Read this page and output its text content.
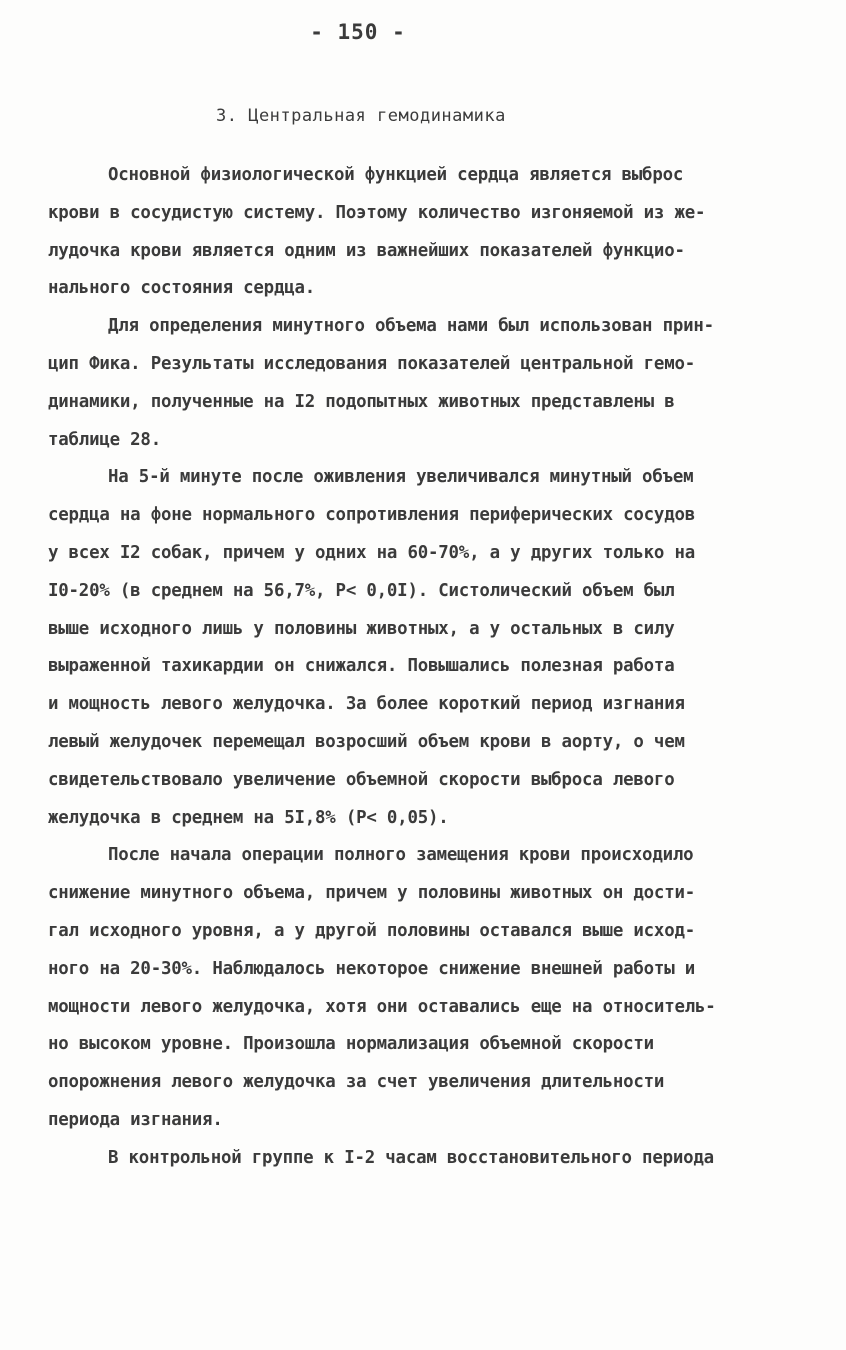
- 150 -
3. Центральная гемодинамика
Основной физиологической функцией сердца является выброс
крови в сосудистую систему. Поэтому количество изгоняемой из же-
лудочка крови является одним из важнейших показателей функцио-
нального состояния сердца.
Для определения минутного объема нами был использован прин-
цип Фика. Результаты исследования показателей центральной гемо-
динамики, полученные на I2 подопытных животных представлены в
таблице 28.
На 5-й минуте после оживления увеличивался минутный объем
сердца на фоне нормального сопротивления периферических сосудов
у всех I2 собак, причем у одних на 60-70%, а у других только на
I0-20% (в среднем на 56,7%, P< 0,0I). Систолический объем был
выше исходного лишь у половины животных, а у остальных в силу
выраженной тахикардии он снижался. Повышались полезная работа
и мощность левого желудочка. За более короткий период изгнания
левый желудочек перемещал возросший объем крови в аорту, о чем
свидетельствовало увеличение объемной скорости выброса левого
желудочка в среднем на 5I,8% (P< 0,05).
После начала операции полного замещения крови происходило
снижение минутного объема, причем у половины животных он дости-
гал исходного уровня, а у другой половины оставался выше исход-
ного на 20-30%. Наблюдалось некоторое снижение внешней работы и
мощности левого желудочка, хотя они оставались еще на относитель-
но высоком уровне. Произошла нормализация объемной скорости
опорожнения левого желудочка за счет увеличения длительности
периода изгнания.
В контрольной группе к I-2 часам восстановительного периода
